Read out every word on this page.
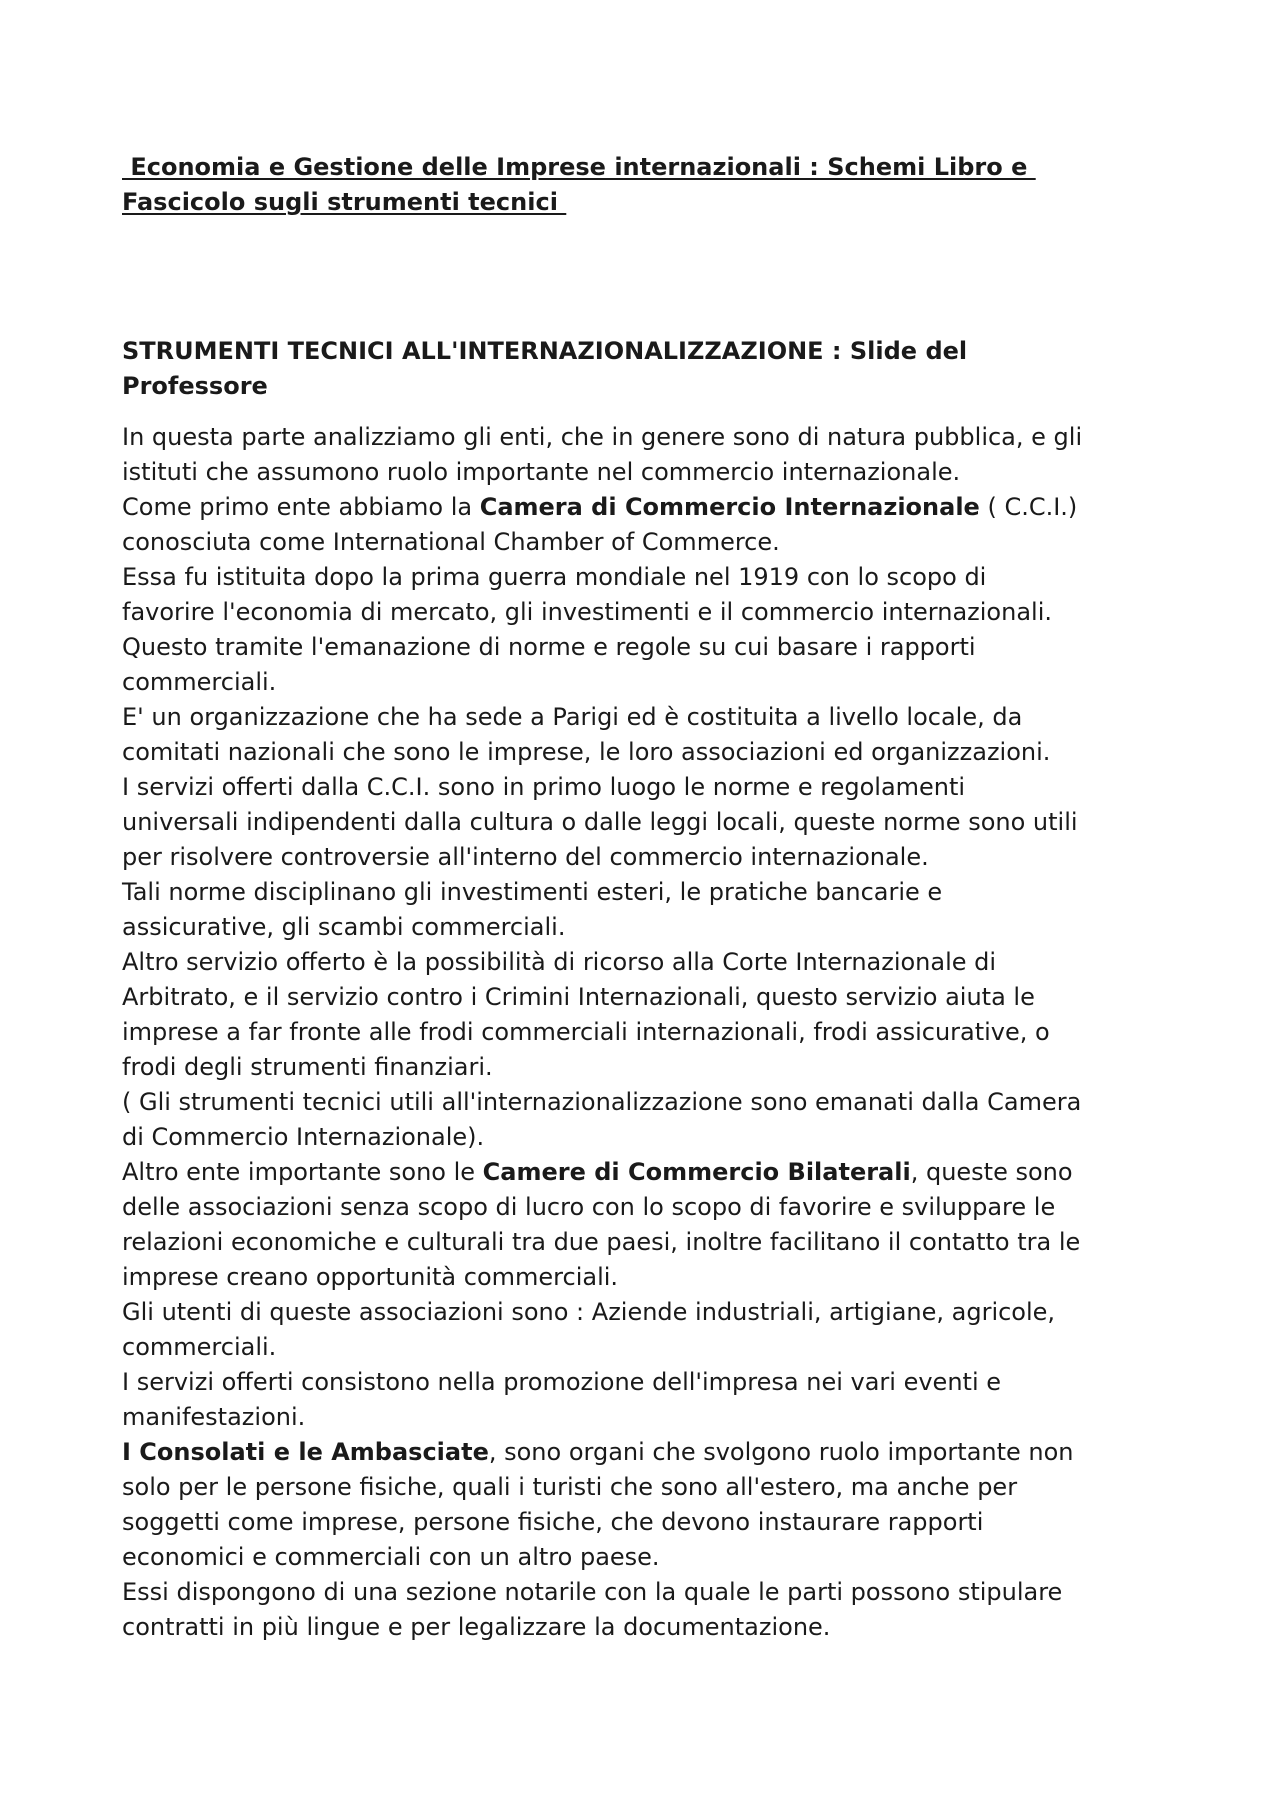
Economia e Gestione delle Imprese internazionali : Schemi Libro e
Fascicolo sugli strumenti tecnici
STRUMENTI TECNICI ALL'INTERNAZIONALIZZAZIONE : Slide del
Professore
In questa parte analizziamo gli enti, che in genere sono di natura pubblica, e gli
istituti che assumono ruolo importante nel commercio internazionale.
Come primo ente abbiamo la Camera di Commercio Internazionale ( C.C.I.)
conosciuta come International Chamber of Commerce.
Essa fu istituita dopo la prima guerra mondiale nel 1919 con lo scopo di
favorire l'economia di mercato, gli investimenti e il commercio internazionali.
Questo tramite l'emanazione di norme e regole su cui basare i rapporti
commerciali.
E' un organizzazione che ha sede a Parigi ed è costituita a livello locale, da
comitati nazionali che sono le imprese, le loro associazioni ed organizzazioni.
I servizi offerti dalla C.C.I. sono in primo luogo le norme e regolamenti
universali indipendenti dalla cultura o dalle leggi locali, queste norme sono utili
per risolvere controversie all'interno del commercio internazionale.
Tali norme disciplinano gli investimenti esteri, le pratiche bancarie e
assicurative, gli scambi commerciali.
Altro servizio offerto è la possibilità di ricorso alla Corte Internazionale di
Arbitrato, e il servizio contro i Crimini Internazionali, questo servizio aiuta le
imprese a far fronte alle frodi commerciali internazionali, frodi assicurative, o
frodi degli strumenti finanziari.
( Gli strumenti tecnici utili all'internazionalizzazione sono emanati dalla Camera
di Commercio Internazionale).
Altro ente importante sono le Camere di Commercio Bilaterali, queste sono
delle associazioni senza scopo di lucro con lo scopo di favorire e sviluppare le
relazioni economiche e culturali tra due paesi, inoltre facilitano il contatto tra le
imprese creano opportunità commerciali.
Gli utenti di queste associazioni sono : Aziende industriali, artigiane, agricole,
commerciali.
I servizi offerti consistono nella promozione dell'impresa nei vari eventi e
manifestazioni.
I Consolati e le Ambasciate, sono organi che svolgono ruolo importante non
solo per le persone fisiche, quali i turisti che sono all'estero, ma anche per
soggetti come imprese, persone fisiche, che devono instaurare rapporti
economici e commerciali con un altro paese.
Essi dispongono di una sezione notarile con la quale le parti possono stipulare
contratti in più lingue e per legalizzare la documentazione.
